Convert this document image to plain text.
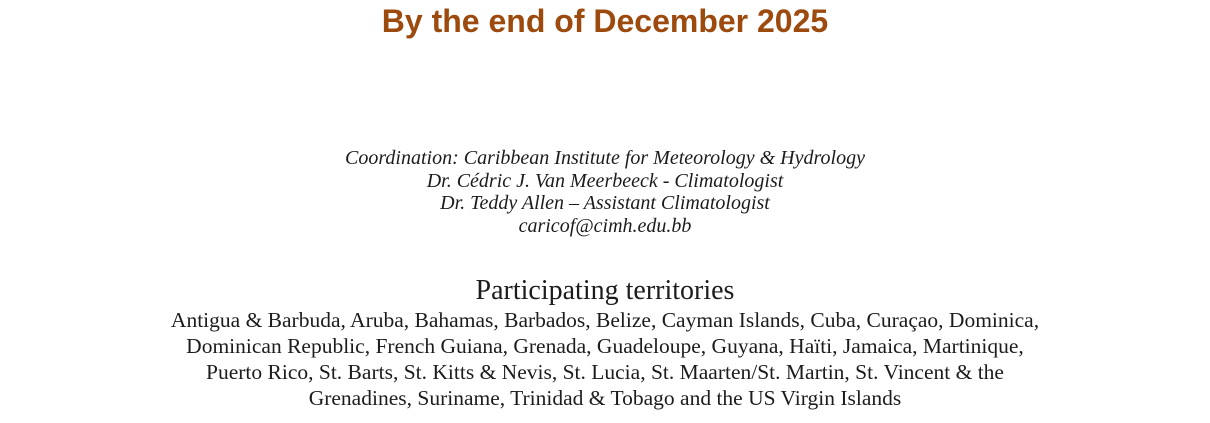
By the end of December 2025
Coordination: Caribbean Institute for Meteorology & Hydrology
Dr. Cédric J. Van Meerbeeck - Climatologist
Dr. Teddy Allen – Assistant Climatologist
caricof@cimh.edu.bb
Participating territories
Antigua & Barbuda, Aruba, Bahamas, Barbados, Belize, Cayman Islands, Cuba, Curaçao, Dominica,
Dominican Republic, French Guiana, Grenada, Guadeloupe, Guyana, Haïti, Jamaica, Martinique,
Puerto Rico, St. Barts, St. Kitts & Nevis, St. Lucia, St. Maarten/St. Martin, St. Vincent & the
Grenadines, Suriname, Trinidad & Tobago and the US Virgin Islands
